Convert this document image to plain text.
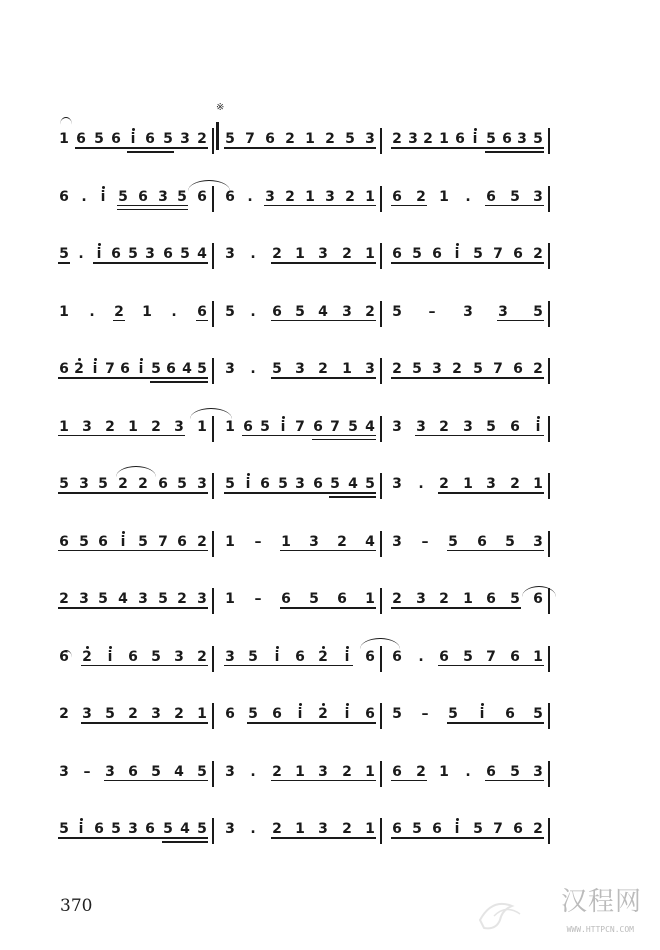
1 6 5 6 i 6 5 3 2 5 7 6 2 1 2 5 3 2 3 2 1 6 i 5 6 3 5
6 . i 5 6 3 5 6 6 . 3 2 1 3 2 1 6 2 1	.	6 5 3
5 . i 6 5 3 6 5 4 3	.	2 1 3 2 1 6 5 6 i 5 7 6 2
1	.	2 1	.	6 5	.	6 5 4 3 2 5	–	3 3 5
6 2 i 7 6 i 5 6 4 5 3	.	5 3 2 1 3 2 5 3 2 5 7 6 2
1 3 2 1 2 3 1 1 6 5 i 7 6 7 5 4 3 3 2 3 5 6	i
5 3 5 2 2 6 5 3 5 i 6 5 3 6 5 4 5 3	.	2 1 3 2 1
6 5 6 i 5 7 6 2 1	–	1 3 2 4 3	–	5 6 5 3
2 3 5 4 3 5 2 3 1	–	6 5 6 1 2 3 2 1 6 5 6
6 2	i	6 5 3 2 3 5	i	6 2	i	6 6	.	6 5 7 6 1
2 3 5 2 3 2 1 6 5 6	i	2	i	6 5	–	5	i	6 5
3	–	3 6 5 4 5 3	.	2 1 3 2 1 6 2 1	.	6 5 3
5 i 6 5 3 6 5 4 5 3	.	2 1 3 2 1 6 5 6 i 5 7 6 2
※
370	汉程网
WWW.HTTPCN.COM
